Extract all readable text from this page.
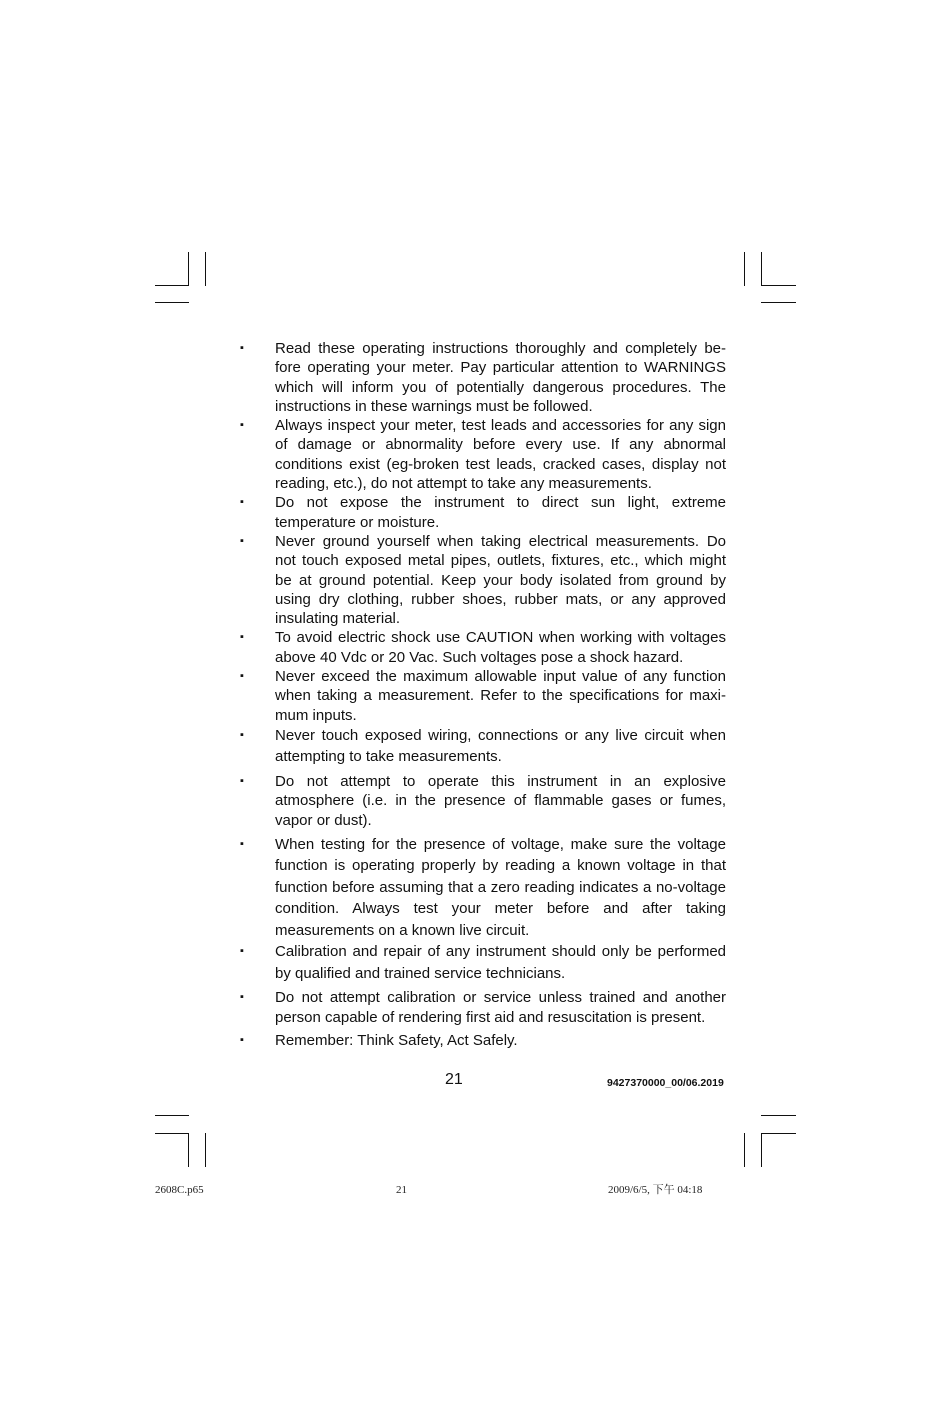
▪ Read these operating instructions thoroughly and completely be-fore operating your meter. Pay particular attention to WARNINGS which will inform you of potentially dangerous procedures. The instructions in these warnings must be followed.
▪ Always inspect your meter, test leads and accessories for any sign of damage or abnormality before every use. If any abnormal conditions exist (eg-broken test leads, cracked cases, display not reading, etc.), do not attempt to take any measurements.
▪ Do not expose the instrument to direct sun light, extreme temperature or moisture.
▪ Never ground yourself when taking electrical measurements. Do not touch exposed metal pipes, outlets, fixtures, etc., which might be at ground potential. Keep your body isolated from ground by using dry clothing, rubber shoes, rubber mats, or any approved insulating material.
▪ To avoid electric shock use CAUTION when working with voltages above 40 Vdc or 20 Vac. Such voltages pose a shock hazard.
▪ Never exceed the maximum allowable input value of any function when taking a measurement. Refer to the specifications for maxi- mum inputs.
▪ Never touch exposed wiring, connections or any live circuit when attempting to take measurements.
▪ Do not attempt to operate this instrument in an explosive atmosphere (i.e. in the presence of flammable gases or fumes, vapor or dust).
▪ When testing for the presence of voltage, make sure the voltage function is operating properly by reading a known voltage in that function before assuming that a zero reading indicates a no-voltage condition. Always test your meter before and after taking measurements on a known live circuit.
▪ Calibration and repair of any instrument should only be performed by qualified and trained service technicians.
▪ Do not attempt calibration or service unless trained and another person capable of rendering first aid and resuscitation is present.
▪ Remember: Think Safety, Act Safely.
21	9427370000_00/06.2019
2608C.p65	21	2009/6/5, 下午 04:18
